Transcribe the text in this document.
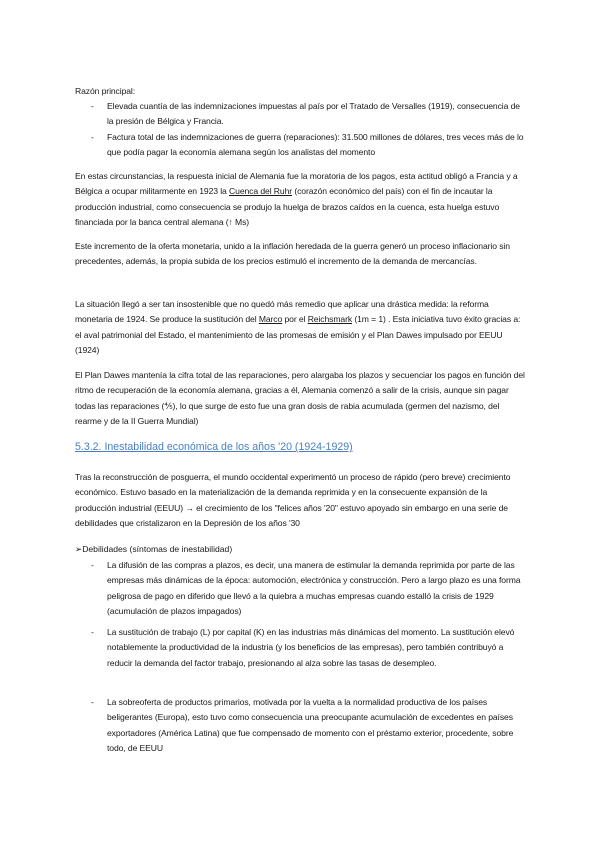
Razón principal:
- Elevada cuantía de las indemnizaciones impuestas al país por el Tratado de Versalles (1919), consecuencia de la presión de Bélgica y Francia.
- Factura total de las indemnizaciones de guerra (reparaciones): 31.500 millones de dólares, tres veces más de lo que podía pagar la economía alemana según los analistas del momento
En estas circunstancias, la respuesta inicial de Alemania fue la moratoria de los pagos, esta actitud obligó a Francia y a Bélgica a ocupar militarmente en 1923 la Cuenca del Ruhr (corazón económico del país) con el fin de incautar la producción industrial, como consecuencia se produjo la huelga de brazos caídos en la cuenca, esta huelga estuvo financiada por la banca central alemana (↑ Ms)
Este incremento de la oferta monetaria, unido a la inflación heredada de la guerra generó un proceso inflacionario sin precedentes, además, la propia subida de los precios estimuló el incremento de la demanda de mercancías.
La situación llegó a ser tan insostenible que no quedó más remedio que aplicar una drástica medida: la reforma monetaria de 1924. Se produce la sustitución del Marco por el Reichsmark (1m = 1) . Esta iniciativa tuvo éxito gracias a: el aval patrimonial del Estado, el mantenimiento de las promesas de emisión y el Plan Dawes impulsado por EEUU (1924)
El Plan Dawes mantenía la cifra total de las reparaciones, pero alargaba los plazos y secuenciar los pagos en función del ritmo de recuperación de la economía alemana, gracias a él, Alemania comenzó a salir de la crisis, aunque sin pagar todas las reparaciones (⅘), lo que surge de esto fue una gran dosis de rabia acumulada (germen del nazismo, del rearme y de la II Guerra Mundial)
5.3.2. Inestabilidad económica de los años '20 (1924-1929)
Tras la reconstrucción de posguerra, el mundo occidental experimentó un proceso de rápido (pero breve) crecimiento económico. Estuvo basado en la materialización de la demanda reprimida y en la consecuente expansión de la producción industrial (EEUU) → el crecimiento de los "felices años '20" estuvo apoyado sin embargo en una serie de debilidades que cristalizaron en la Depresión de los años '30
➢Debilidades (síntomas de inestabilidad)
- La difusión de las compras a plazos, es decir, una manera de estimular la demanda reprimida por parte de las empresas más dinámicas de la época: automoción, electrónica y construcción. Pero a largo plazo es una forma peligrosa de pago en diferido que llevó a la quiebra a muchas empresas cuando estalló la crisis de 1929 (acumulación de plazos impagados)
- La sustitución de trabajo (L) por capital (K) en las industrias más dinámicas del momento. La sustitución elevó notablemente la productividad de la industria (y los beneficios de las empresas), pero también contribuyó a reducir la demanda del factor trabajo, presionando al alza sobre las tasas de desempleo.
- La sobreoferta de productos primarios, motivada por la vuelta a la normalidad productiva de los países beligerantes (Europa), esto tuvo como consecuencia una preocupante acumulación de excedentes en países exportadores (América Latina) que fue compensado de momento con el préstamo exterior, procedente, sobre todo, de EEUU
